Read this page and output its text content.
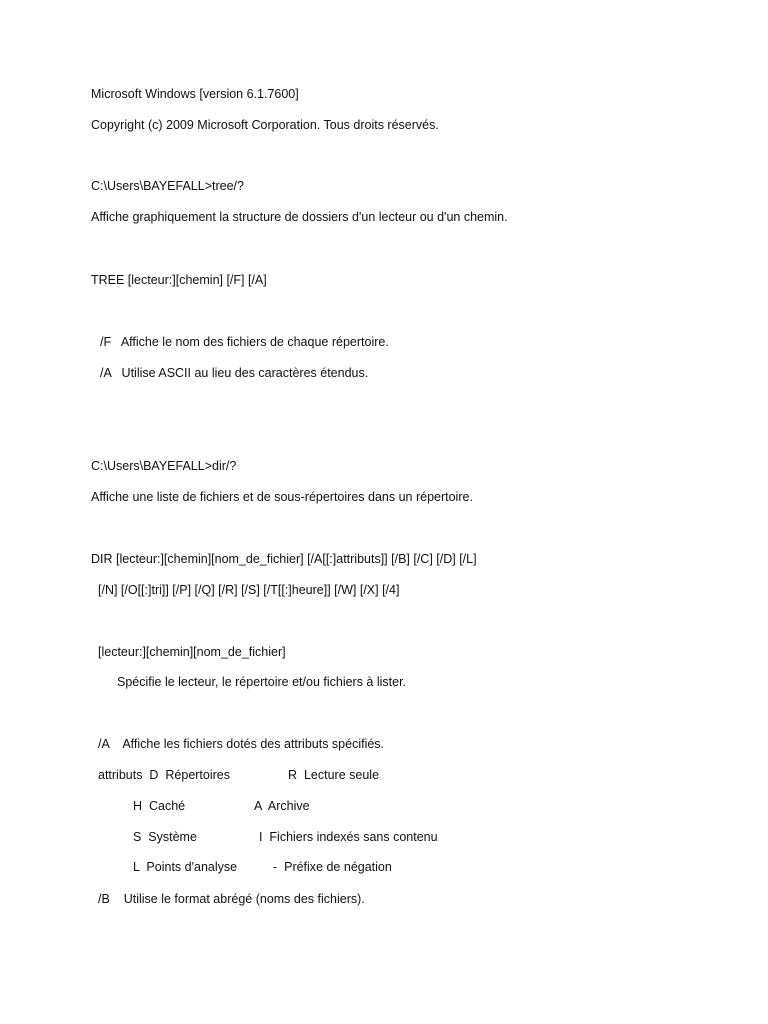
Microsoft Windows [version 6.1.7600]
Copyright (c) 2009 Microsoft Corporation. Tous droits réservés.
C:\Users\BAYEFALL>tree/?
Affiche graphiquement la structure de dossiers d'un lecteur ou d'un chemin.
TREE [lecteur:][chemin] [/F] [/A]
/F   Affiche le nom des fichiers de chaque répertoire.
/A   Utilise ASCII au lieu des caractères étendus.
C:\Users\BAYEFALL>dir/?
Affiche une liste de fichiers et de sous-répertoires dans un répertoire.
DIR [lecteur:][chemin][nom_de_fichier] [/A[[:]attributs]] [/B] [/C] [/D] [/L]
[/N] [/O[[:]tri]] [/P] [/Q] [/R] [/S] [/T[[:]heure]] [/W] [/X] [/4]
[lecteur:][chemin][nom_de_fichier]
Spécifie le lecteur, le répertoire et/ou fichiers à lister.
/A    Affiche les fichiers dotés des attributs spécifiés.
attributs  D  Répertoires	R  Lecture seule
H  Caché	A  Archive
S  Système	I  Fichiers indexés sans contenu
L  Points d'analyse	-  Préfixe de négation
/B    Utilise le format abrégé (noms des fichiers).
